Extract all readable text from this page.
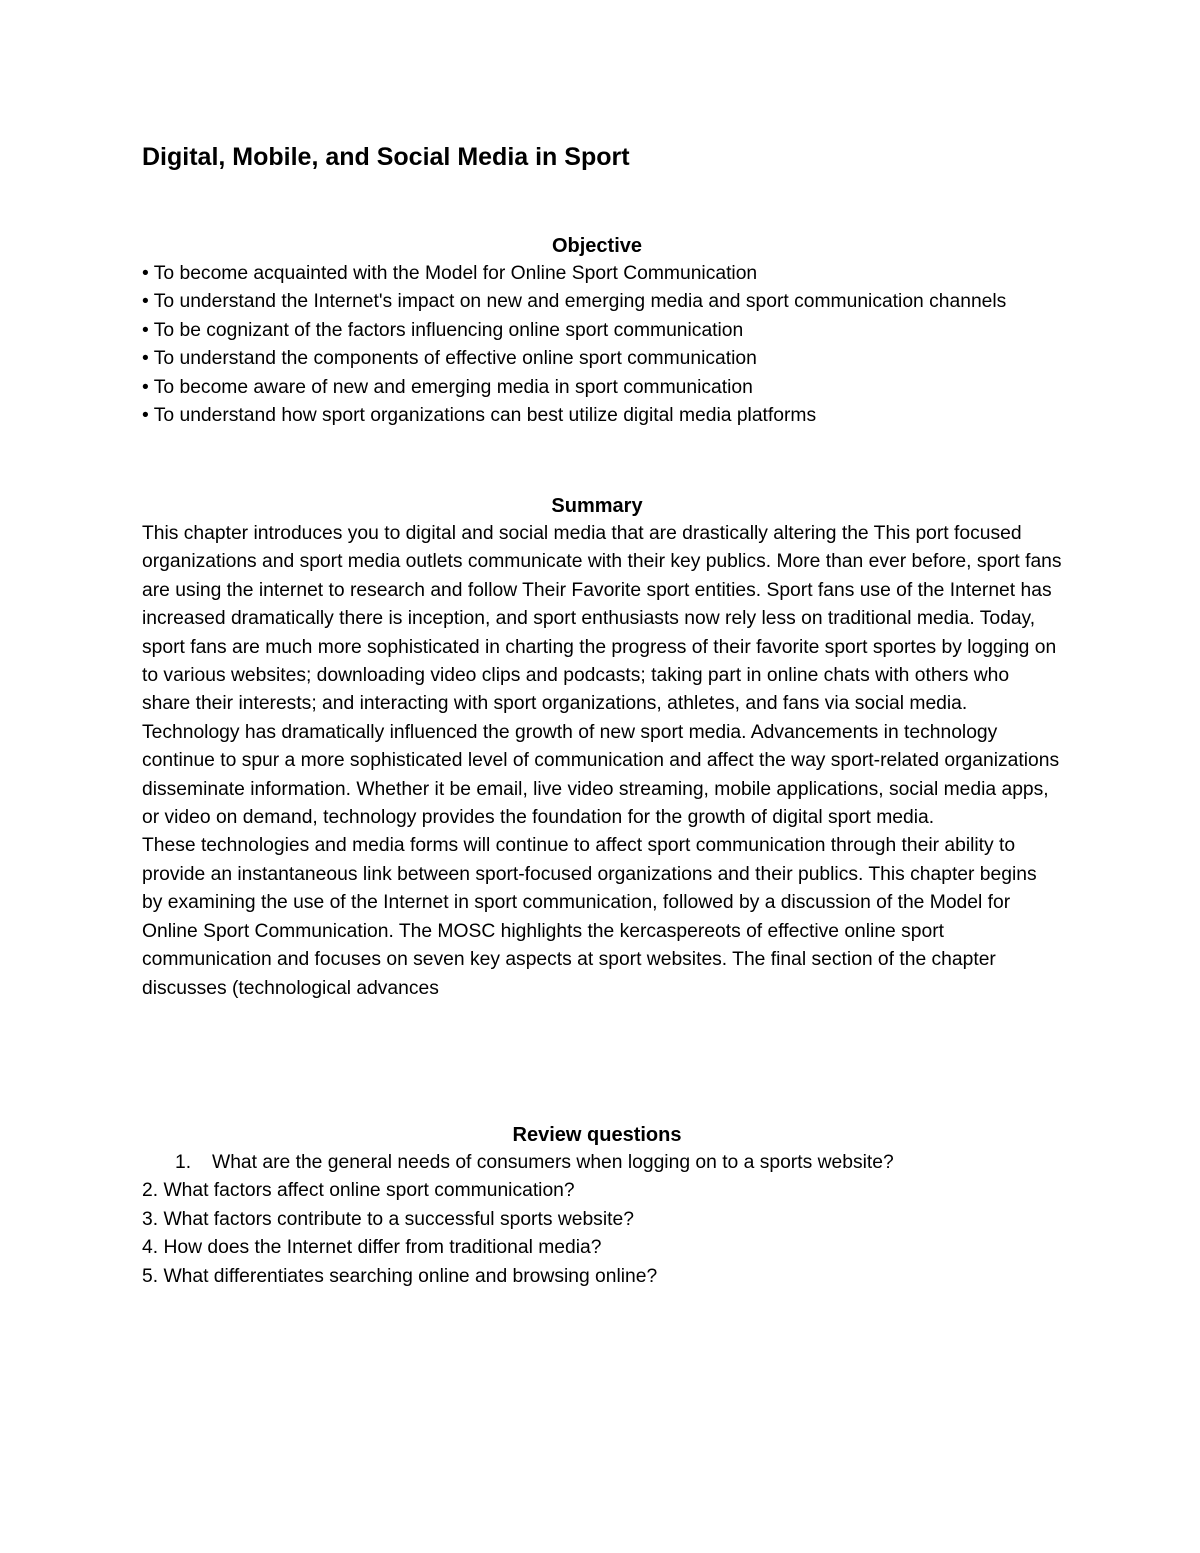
Digital, Mobile, and Social Media in Sport
Objective
• To become acquainted with the Model for Online Sport Communication
• To understand the Internet's impact on new and emerging media and sport communication channels
• To be cognizant of the factors influencing online sport communication
• To understand the components of effective online sport communication
• To become aware of new and emerging media in sport communication
• To understand how sport organizations can best utilize digital media platforms
Summary

This chapter introduces you to digital and social media that are drastically altering the This port focused organizations and sport media outlets communicate with their key publics. More than ever before, sport fans are using the internet to research and follow Their Favorite sport entities. Sport fans use of the Internet has increased dramatically there is inception, and sport enthusiasts now rely less on traditional media. Today, sport fans are much more sophisticated in charting the progress of their favorite sport sportes by logging on to various websites; downloading video clips and podcasts; taking part in online chats with others who share their interests; and interacting with sport organizations, athletes, and fans via social media.

Technology has dramatically influenced the growth of new sport media. Advancements in technology continue to spur a more sophisticated level of communication and affect the way sport-related organizations disseminate information. Whether it be email, live video streaming, mobile applications, social media apps, or video on demand, technology provides the foundation for the growth of digital sport media.

These technologies and media forms will continue to affect sport communication through their ability to provide an instantaneous link between sport-focused organizations and their publics. This chapter begins by examining the use of the Internet in sport communication, followed by a discussion of the Model for Online Sport Communication. The MOSC highlights the kercaspereots of effective online sport communication and focuses on seven key aspects at sport websites. The final section of the chapter discusses (technological advances

Review questions
1. What are the general needs of consumers when logging on to a sports website?
2. What factors affect online sport communication?
3. What factors contribute to a successful sports website?
4. How does the Internet differ from traditional media?
5. What differentiates searching online and browsing online?
